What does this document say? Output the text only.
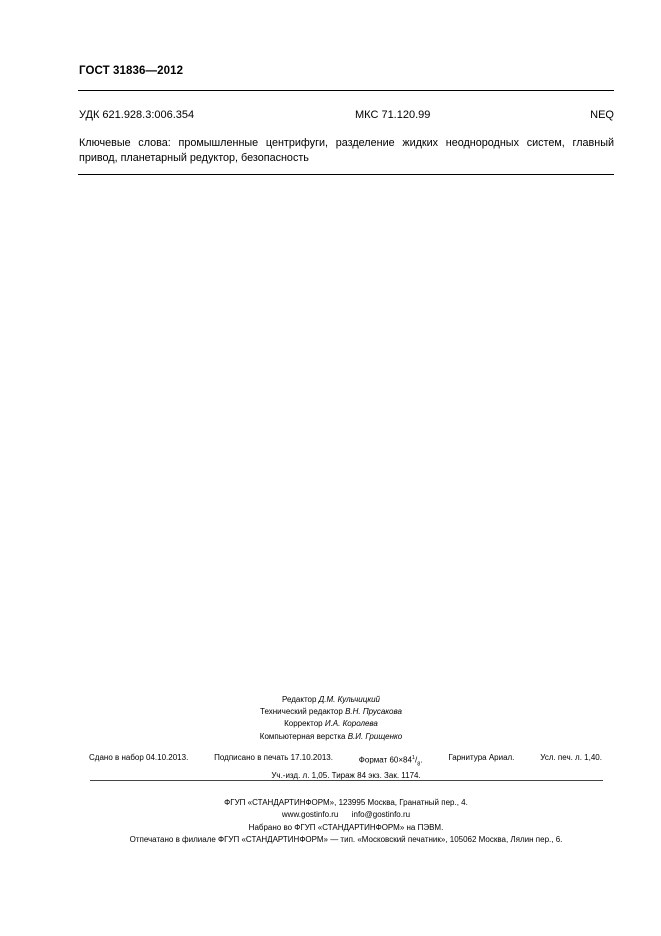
ГОСТ 31836—2012
УДК 621.928.3:006.354	МКС 71.120.99	NEQ
Ключевые слова: промышленные центрифуги, разделение жидких неоднородных систем, главный привод, планетарный редуктор, безопасность
Редактор Д.М. Кульчицкий
Технический редактор В.Н. Прусакова
Корректор И.А. Королева
Компьютерная верстка В.И. Грищенко
Сдано в набор 04.10.2013.	Подписано в печать 17.10.2013.	Формат $60\times 84^1/_8$.	Гарнитура Ариал.	Усл. печ. л. 1,40.
Уч.-изд. л. 1,05. Тираж 84 экз. Зак. 1174.
ФГУП «СТАНДАРТИНФОРМ», 123995 Москва, Гранатный пер., 4.
www.gostinfo.ru info@gostinfo.ru
Набрано во ФГУП «СТАНДАРТИНФОРМ» на ПЭВМ.
Отпечатано в филиале ФГУП «СТАНДАРТИНФОРМ» — тип. «Московский печатник», 105062 Москва, Лялин пер., 6.
